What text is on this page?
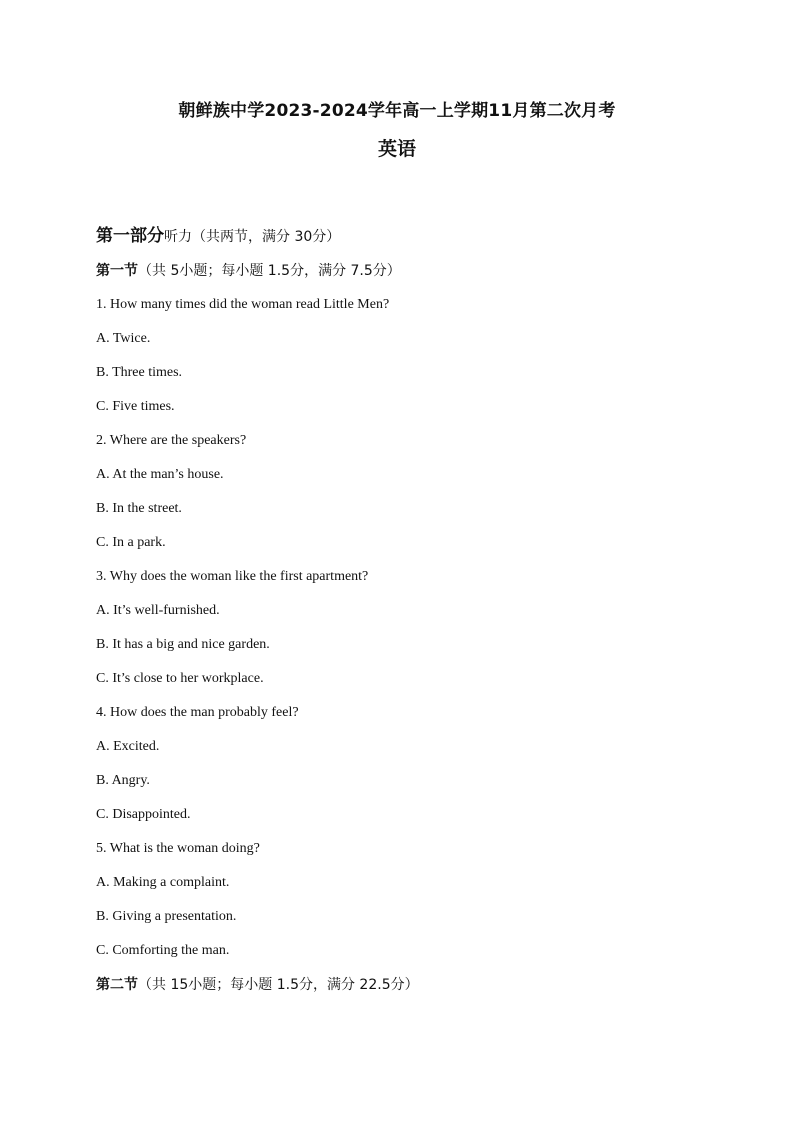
朝鲜族中学2023-2024学年高一上学期11月第二次月考
英语
第一部分听力（共两节，满分 30分）
第一节（共 5小题；每小题 1.5分，满分 7.5分）
1. How many times did the woman read Little Men?
A. Twice.
B. Three times.
C. Five times.
2. Where are the speakers?
A. At the man’s house.
B. In the street.
C. In a park.
3. Why does the woman like the first apartment?
A. It’s well-furnished.
B. It has a big and nice garden.
C. It’s close to her workplace.
4. How does the man probably feel?
A. Excited.
B. Angry.
C. Disappointed.
5. What is the woman doing?
A. Making a complaint.
B. Giving a presentation.
C. Comforting the man.
第二节（共 15小题；每小题 1.5分，满分 22.5分）
